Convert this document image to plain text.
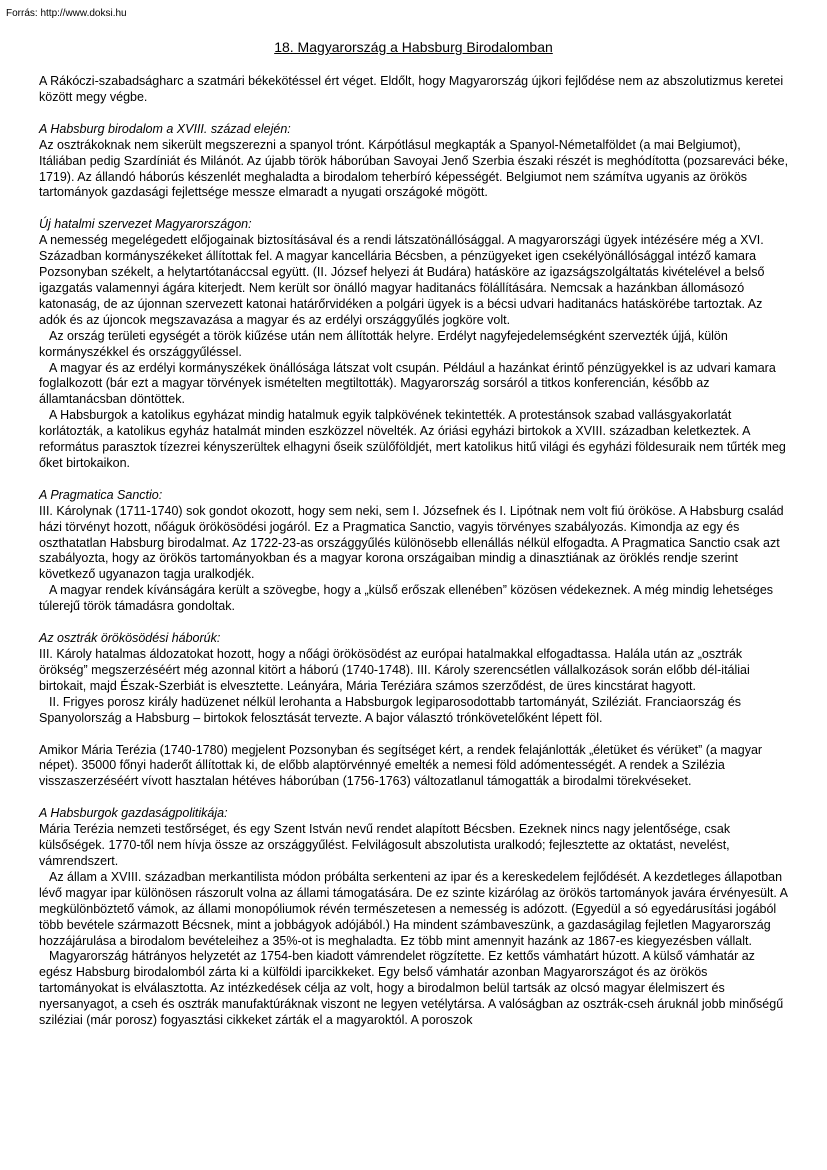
Forrás: http://www.doksi.hu
18. Magyarország a Habsburg Birodalomban

A Rákóczi-szabadságharc a szatmári békekötéssel ért véget. Eldőlt, hogy Magyarország újkori fejlődése nem az abszolutizmus keretei között megy végbe.

A Habsburg birodalom a XVIII. század elején:

Az osztrákoknak nem sikerült megszerezni a spanyol trónt. Kárpótlásul megkapták a Spanyol-Németalföldet (a mai Belgiumot), Itáliában pedig Szardíniát és Milánót. Az újabb török háborúban Savoyai Jenő Szerbia északi részét is meghódította (pozsareváci béke, 1719). Az állandó háborús készenlét meghaladta a birodalom teherbíró képességét. Belgiumot nem számítva ugyanis az örökös tartományok gazdasági fejlettsége messze elmaradt a nyugati országoké mögött.

Új hatalmi szervezet Magyarországon:

A nemesség megelégedett előjogainak biztosításával és a rendi látszatönállósággal. A magyarországi ügyek intézésére még a XVI. Században kormányszékeket állítottak fel. A magyar kancellária Bécsben, a pénzügyeket igen csekélyönállósággal intéző kamara Pozsonyban székelt, a helytartótanáccsal együtt. (II. József helyezi át Budára) hatásköre az igazságszolgáltatás kivételével a belső igazgatás valamennyi ágára kiterjedt. Nem került sor önálló magyar haditanács föláll‍ítására. Nemcsak a hazánkban állomásozó katonaság, de az újonnan szervezett katonai határőrvidéken a polgári ügyek is a bécsi udvari haditanács hatáskörébe tartoztak. Az adók és az újoncok megszavazása a magyar és az erdélyi országgyűlés jogköre volt.

Az ország területi egységét a török kiűzése után nem állították helyre. Erdélyt nagyfejedelemségként szervezték újjá, külön kormányszékkel és országgyűléssel.

A magyar és az erdélyi kormányszékek önállósága látszat volt csupán. Például a hazánkat érintő pénzügyekkel is az udvari kamara foglalkozott (bár ezt a magyar törvények ismételten megtiltották). Magyarország sorsáról a titkos konferencián, később az államtanácsban döntöttek.

A Habsburgok a katolikus egyházat mindig hatalmuk egyik talpkövének tekintették. A protestánsok szabad vallásgyakorlatát korlátozták, a katolikus egyház hatalmát minden eszközzel növelték. Az óriási egyházi birtokok a XVIII. században keletkeztek. A református parasztok tízezrei kényszerültek elhagyni őseik szülőföldjét, mert katolikus hitű világi és egyházi földesuraik nem tűrték meg őket birtokaikon.

A Pragmatica Sanctio:

III. Károlynak (1711-1740) sok gondot okozott, hogy sem neki, sem I. Józsefnek és I. Lipótnak nem volt fiú örököse. A Habsburg család házi törvényt hozott, nőáguk örökösödési jogáról. Ez a Pragmatica Sanctio, vagyis törvényes szabályozás. Kimondja az egy és oszthatatlan Habsburg birodalmat. Az 1722-23-as országgyűlés különösebb ellenállás nélkül elfogadta. A Pragmatica Sanctio csak azt szabályozta, hogy az örökös tartományokban és a magyar korona országaiban mindig a dinasztiának az öröklés rendje szerint következő ugyanazon tagja uralkodjék.

A magyar rendek kívánságára került a szövegbe, hogy a „külső erőszak ellenében” közösen védekeznek. A még mindig lehetséges túlerejű török támadásra gondoltak.

Az osztrák örökösödési háborúk:

III. Károly hatalmas áldozatokat hozott, hogy a nőági örökösödést az európai hatalmakkal elfogadtassa. Halála után az „osztrák örökség” megszerzéséért még azonnal kitört a háború (1740-1748). III. Károly szerencsétlen vállalkozások során előbb dél-itáliai birtokait, majd Észak-Szerbiát is elvesztette. Leányára, Mária Teréziára számos szerződést, de üres kincstárat hagyott.

II. Frigyes porosz király hadüzenet nélkül lerohanta a Habsburgok legiparosodottabb tartományát, Sziléziát. Franciaország és Spanyolország a Habsburg – birtokok felosztását tervezte. A bajor választó trónkövetelőként lépett föl.

Amikor Mária Terézia (1740-1780) megjelent Pozsonyban és segítséget kért, a rendek felajánlották „életüket és vérüket” (a magyar népet). 35000 főnyi haderőt állítottak ki, de előbb alaptörvénnyé emelték a nemesi föld adómentességét. A rendek a Szilézia visszaszerzéséért vívott hasztalan hétéves háborúban (1756-1763) változatlanul támogatták a birodalmi törekvéseket.

A Habsburgok gazdaságpolitikája:

Mária Terézia nemzeti testőrséget, és egy Szent István nevű rendet alapított Bécsben. Ezeknek nincs nagy jelentősége, csak külsőségek. 1770-től nem hívja össze az országgyűlést. Felvilágosult abszolutista uralkodó; fejlesztette az oktatást, nevelést, vámrendszert.

Az állam a XVIII. században merkantilista módon próbálta serkenteni az ipar és a kereskedelem fejlődését. A kezdetleges állapotban lévő magyar ipar különösen rászorult volna az állami támogatására. De ez szinte kizárólag az örökös tartományok javára érvényesült. A megkülönböztető vámok, az állami monopóliumok révén természetesen a nemesség is adózott. (Egyedül a só egyedárusítási jogából több bevétele származott Bécsnek, mint a jobbágyok adójából.) Ha mindent számbaveszünk, a gazdaságilag fejletlen Magyarország hozzájárulása a birodalom bevételeihez a 35%-ot is meghaladta. Ez több mint amennyit hazánk az 1867-es kiegyezésben vállalt.

Magyarország hátrányos helyzetét az 1754-ben kiadott vámrendelet rögzítette. Ez kettős vámhatárt húzott. A külső vámhatár az egész Habsburg birodalomból zárta ki a külföldi iparcikkeket. Egy belső vámhatár azonban Magyarországot és az örökös tartományokat is elválasztotta. Az intézkedések célja az volt, hogy a birodalmon belül tartsák az olcsó magyar élelmiszert és nyersanyagot, a cseh és osztrák manufaktúráknak viszont ne legyen vetélytársa. A valóságban az osztrák-cseh áruknál jobb minőségű sziléziai (már porosz) fogyasztási cikkeket zárták el a magyaroktól. A poroszok
